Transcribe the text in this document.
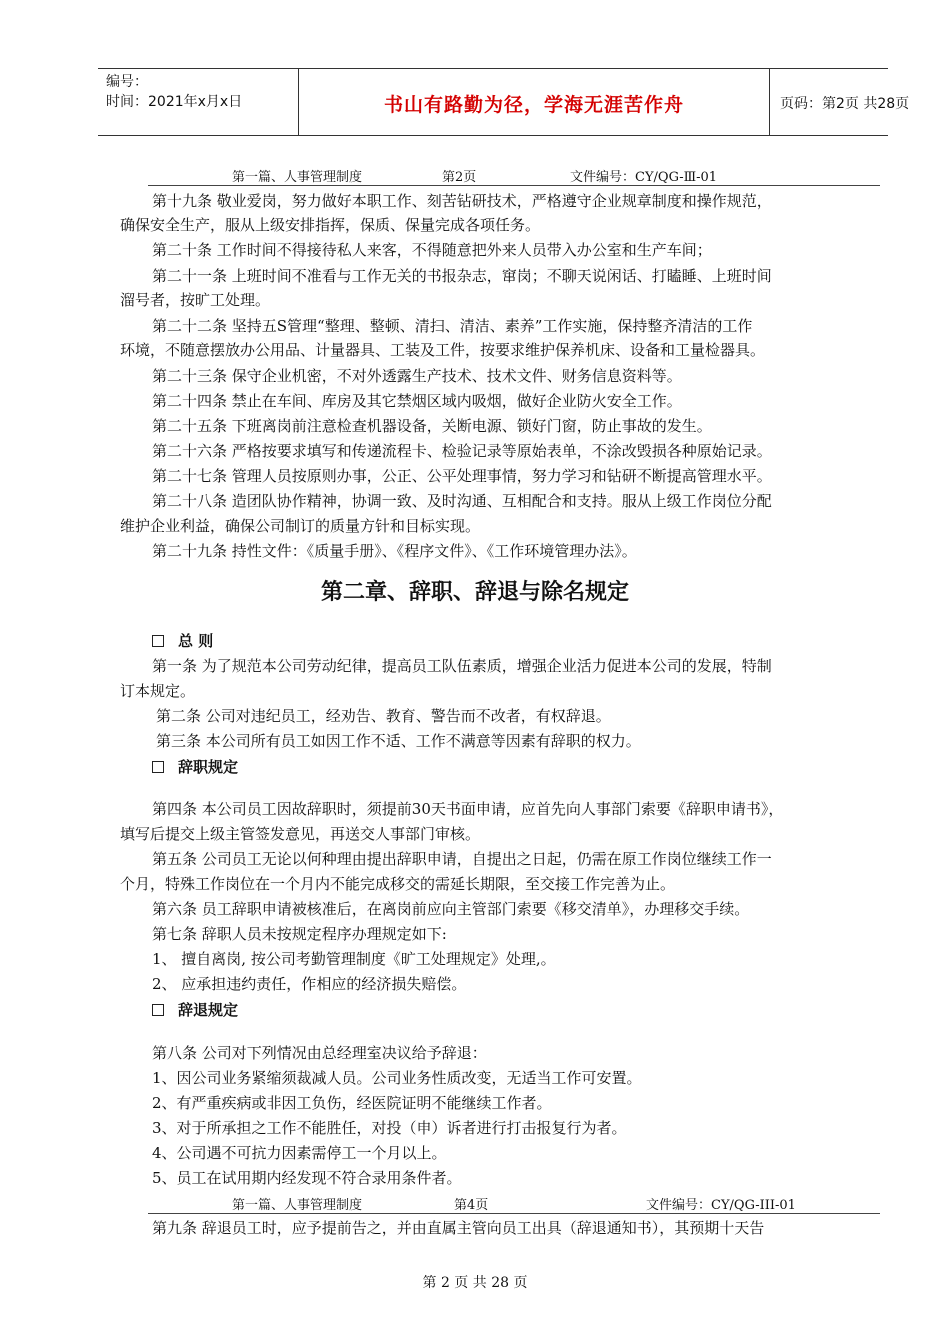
编号：
时间：2021年x月x日	书山有路勤为径，学海无涯苦作舟	页码：第2页 共28页
第一篇、人事管理制度	第2页	文件编号：CY/QG-Ⅲ-01
第十九条 敬业爱岗，努力做好本职工作、刻苦钻研技术，严格遵守企业规章制度和操作规范，
确保安全生产，服从上级安排指挥，保质、保量完成各项任务。
第二十条 工作时间不得接待私人来客，不得随意把外来人员带入办公室和生产车间；
第二十一条 上班时间不准看与工作无关的书报杂志，窜岗；不聊天说闲话、打瞌睡、上班时间
溜号者，按旷工处理。
第二十二条 坚持五S管理“整理、整顿、清扫、清洁、素养”工作实施，保持整齐清洁的工作
环境，不随意摆放办公用品、计量器具、工装及工件，按要求维护保养机床、设备和工量检器具。
第二十三条 保守企业机密，不对外透露生产技术、技术文件、财务信息资料等。
第二十四条 禁止在车间、库房及其它禁烟区域内吸烟，做好企业防火安全工作。
第二十五条 下班离岗前注意检查机器设备，关断电源、锁好门窗，防止事故的发生。
第二十六条 严格按要求填写和传递流程卡、检验记录等原始表单，不涂改毁损各种原始记录。
第二十七条 管理人员按原则办事，公正、公平处理事情，努力学习和钻研不断提高管理水平。
第二十八条 造团队协作精神，协调一致、及时沟通、互相配合和支持。服从上级工作岗位分配
维护企业利益，确保公司制订的质量方针和目标实现。
第二十九条 持性文件：《质量手册》、《程序文件》、《工作环境管理办法》。
第二章、辞职、辞退与除名规定
总 则
第一条 为了规范本公司劳动纪律，提高员工队伍素质，增强企业活力促进本公司的发展，特制
订本规定。
第二条 公司对违纪员工，经劝告、教育、警告而不改者，有权辞退。
第三条 本公司所有员工如因工作不适、工作不满意等因素有辞职的权力。
辞职规定
第四条 本公司员工因故辞职时，须提前30天书面申请，应首先向人事部门索要《辞职申请书》，
填写后提交上级主管签发意见，再送交人事部门审核。
第五条 公司员工无论以何种理由提出辞职申请，自提出之日起，仍需在原工作岗位继续工作一
个月，特殊工作岗位在一个月内不能完成移交的需延长期限，至交接工作完善为止。
第六条 员工辞职申请被核准后，在离岗前应向主管部门索要《移交清单》，办理移交手续。
第七条 辞职人员未按规定程序办理规定如下:
1、 擅自离岗, 按公司考勤管理制度《旷工处理规定》处理,。
2、 应承担违约责任，作相应的经济损失赔偿。
辞退规定
第八条 公司对下列情况由总经理室决议给予辞退：
1、因公司业务紧缩须裁减人员。公司业务性质改变，无适当工作可安置。
2、有严重疾病或非因工负伤，经医院证明不能继续工作者。
3、对于所承担之工作不能胜任，对投（申）诉者进行打击报复行为者。
4、公司遇不可抗力因素需停工一个月以上。
5、员工在试用期内经发现不符合录用条件者。
第一篇、人事管理制度	第4页	文件编号：CY/QG-III-01
第九条 辞退员工时，应予提前告之，并由直属主管向员工出具（辞退通知书），其预期十天告
第 2 页 共 28 页
